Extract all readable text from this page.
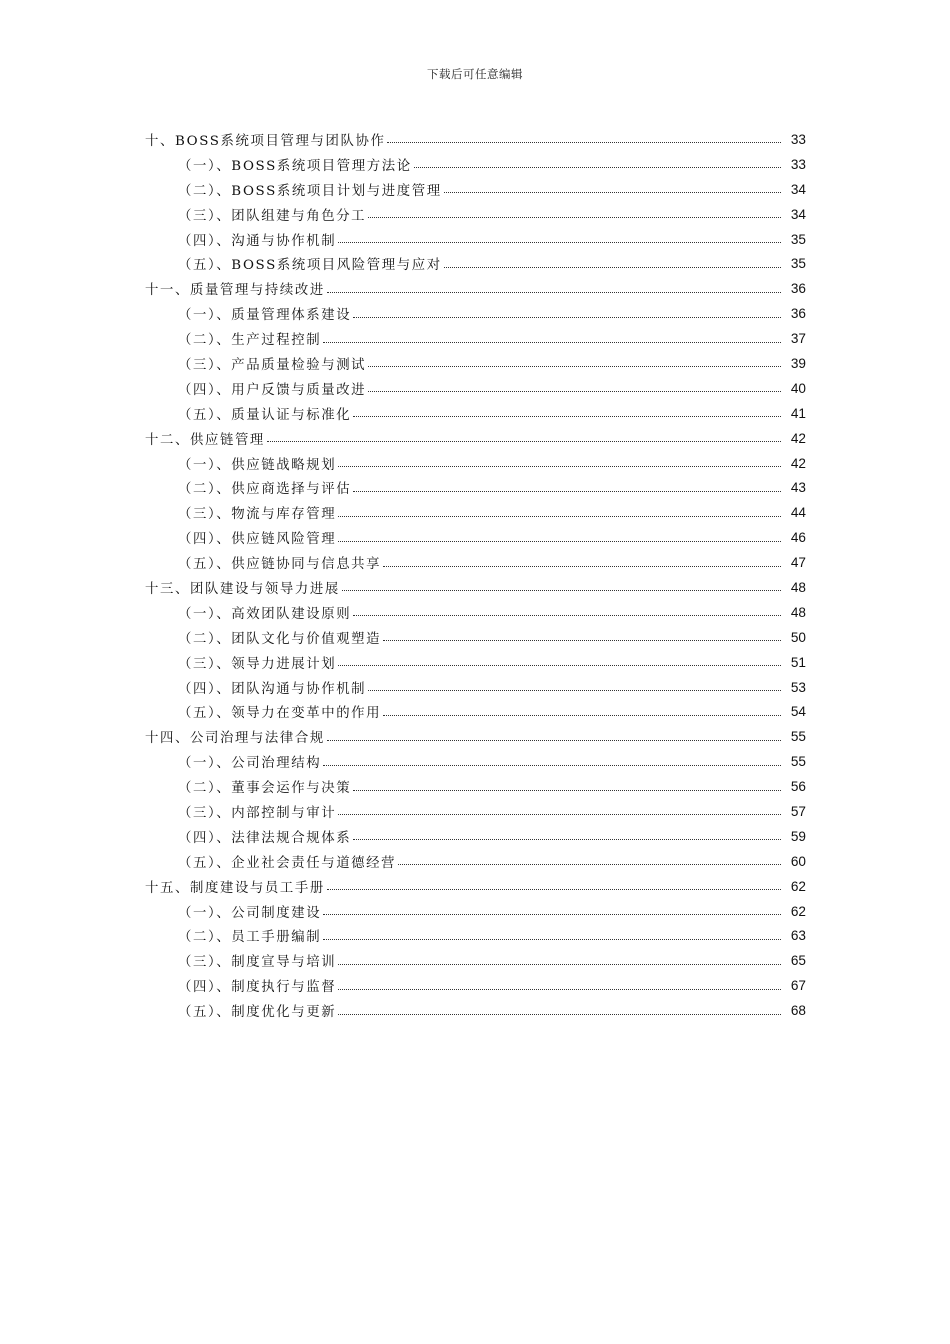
下载后可任意编辑
十、BOSS系统项目管理与团队协作	33
（一）、BOSS系统项目管理方法论	33
（二）、BOSS系统项目计划与进度管理	34
（三）、团队组建与角色分工	34
（四）、沟通与协作机制	35
（五）、BOSS系统项目风险管理与应对	35
十一、质量管理与持续改进	36
（一）、质量管理体系建设	36
（二）、生产过程控制	37
（三）、产品质量检验与测试	39
（四）、用户反馈与质量改进	40
（五）、质量认证与标准化	41
十二、供应链管理	42
（一）、供应链战略规划	42
（二）、供应商选择与评估	43
（三）、物流与库存管理	44
（四）、供应链风险管理	46
（五）、供应链协同与信息共享	47
十三、团队建设与领导力进展	48
（一）、高效团队建设原则	48
（二）、团队文化与价值观塑造	50
（三）、领导力进展计划	51
（四）、团队沟通与协作机制	53
（五）、领导力在变革中的作用	54
十四、公司治理与法律合规	55
（一）、公司治理结构	55
（二）、董事会运作与决策	56
（三）、内部控制与审计	57
（四）、法律法规合规体系	59
（五）、企业社会责任与道德经营	60
十五、制度建设与员工手册	62
（一）、公司制度建设	62
（二）、员工手册编制	63
（三）、制度宣导与培训	65
（四）、制度执行与监督	67
（五）、制度优化与更新	68
